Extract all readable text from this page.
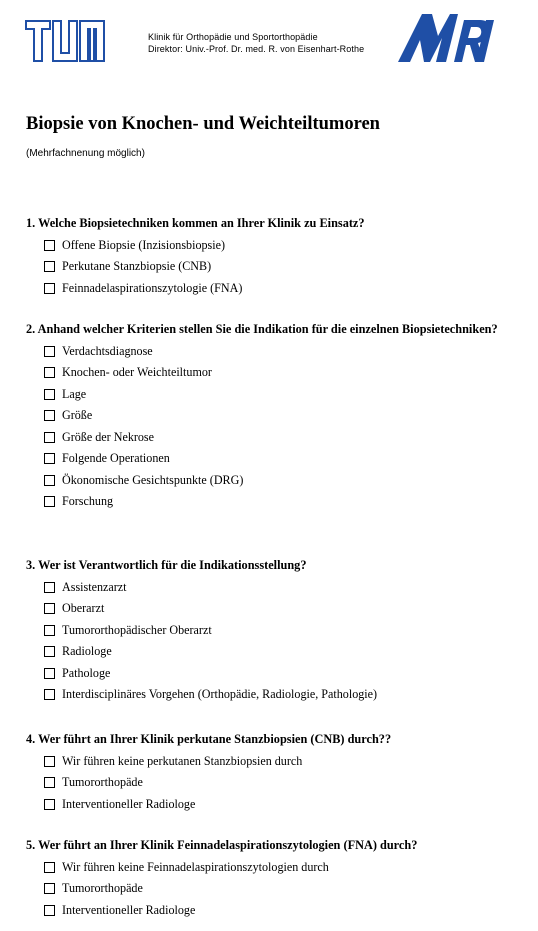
Klinik für Orthopädie und Sportorthopädie
Direktor: Univ.-Prof. Dr. med. R. von Eisenhart-Rothe
Biopsie von Knochen- und Weichteiltumoren
(Mehrfachnenung möglich)

1. Welche Biopsietechniken kommen an Ihrer Klinik zu Einsatz?

Offene Biopsie (Inzisionsbiopsie)
Perkutane Stanzbiopsie (CNB)
Feinnadelaspirationszytologie (FNA)

2. Anhand welcher Kriterien stellen Sie die Indikation für die einzelnen Biopsietechniken?

Verdachtsdiagnose
Knochen- oder Weichteiltumor
Lage
Größe
Größe der Nekrose
Folgende Operationen
Ökonomische Gesichtspunkte (DRG)
Forschung

3. Wer ist Verantwortlich für die Indikationsstellung?

Assistenzarzt
Oberarzt
Tumororthopädischer Oberarzt
Radiologe
Pathologe
Interdisciplinäres Vorgehen (Orthopädie, Radiologie, Pathologie)

4. Wer führt an Ihrer Klinik perkutane Stanzbiopsien (CNB) durch??

Wir führen keine perkutanen Stanzbiopsien durch
Tumororthopäde
Interventioneller Radiologe

5. Wer führt an Ihrer Klinik Feinnadelaspirationszytologien (FNA) durch?

Wir führen keine Feinnadelaspirationszytologien durch
Tumororthopäde
Interventioneller Radiologe
